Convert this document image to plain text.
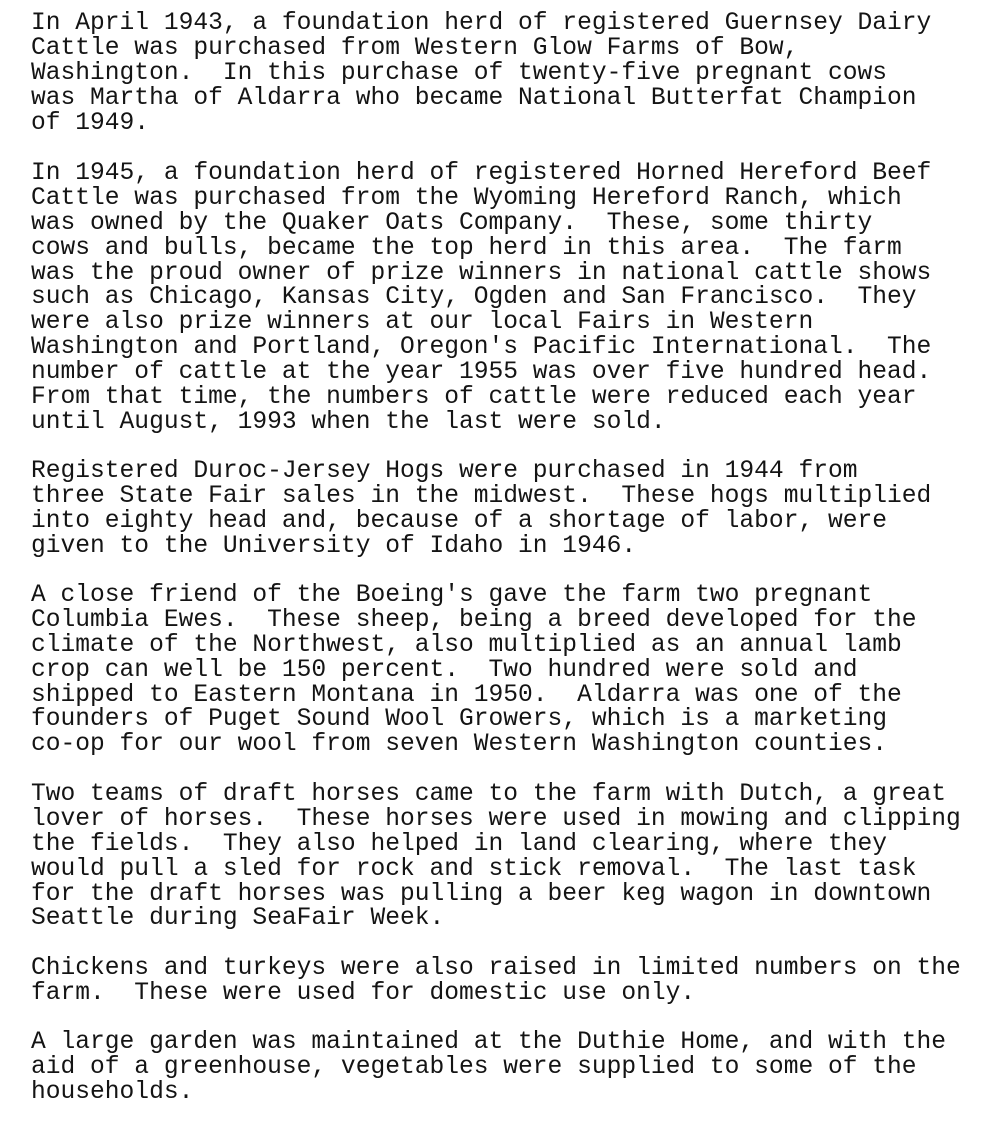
In April 1943, a foundation herd of registered Guernsey Dairy
Cattle was purchased from Western Glow Farms of Bow,
Washington.  In this purchase of twenty-five pregnant cows
was Martha of Aldarra who became National Butterfat Champion
of 1949.
In 1945, a foundation herd of registered Horned Hereford Beef
Cattle was purchased from the Wyoming Hereford Ranch, which
was owned by the Quaker Oats Company.  These, some thirty
cows and bulls, became the top herd in this area.  The farm
was the proud owner of prize winners in national cattle shows
such as Chicago, Kansas City, Ogden and San Francisco.  They
were also prize winners at our local Fairs in Western
Washington and Portland, Oregon's Pacific International.  The
number of cattle at the year 1955 was over five hundred head.
From that time, the numbers of cattle were reduced each year
until August, 1993 when the last were sold.
Registered Duroc-Jersey Hogs were purchased in 1944 from
three State Fair sales in the midwest.  These hogs multiplied
into eighty head and, because of a shortage of labor, were
given to the University of Idaho in 1946.
A close friend of the Boeing's gave the farm two pregnant
Columbia Ewes.  These sheep, being a breed developed for the
climate of the Northwest, also multiplied as an annual lamb
crop can well be 150 percent.  Two hundred were sold and
shipped to Eastern Montana in 1950.  Aldarra was one of the
founders of Puget Sound Wool Growers, which is a marketing
co-op for our wool from seven Western Washington counties.
Two teams of draft horses came to the farm with Dutch, a great
lover of horses.  These horses were used in mowing and clipping
the fields.  They also helped in land clearing, where they
would pull a sled for rock and stick removal.  The last task
for the draft horses was pulling a beer keg wagon in downtown
Seattle during SeaFair Week.
Chickens and turkeys were also raised in limited numbers on the
farm.  These were used for domestic use only.
A large garden was maintained at the Duthie Home, and with the
aid of a greenhouse, vegetables were supplied to some of the
households.
